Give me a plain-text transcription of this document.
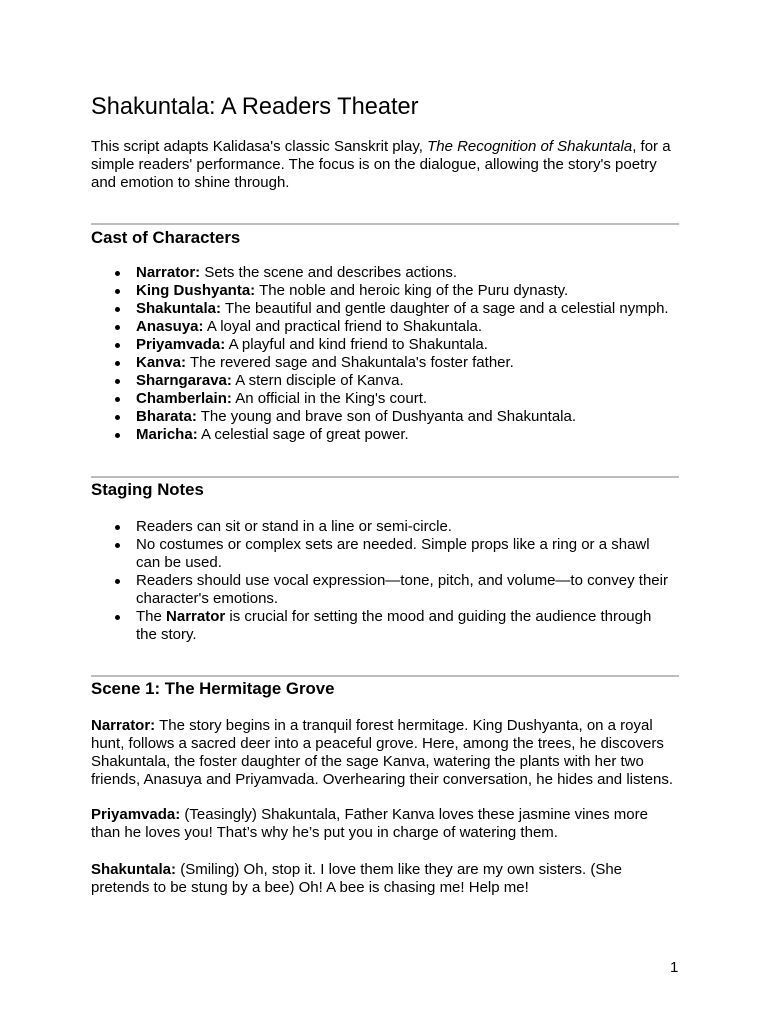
Shakuntala: A Readers Theater

This script adapts Kalidasa's classic Sanskrit play, The Recognition of Shakuntala, for a simple readers' performance. The focus is on the dialogue, allowing the story's poetry and emotion to shine through.

Cast of Characters
Narrator: Sets the scene and describes actions.
King Dushyanta: The noble and heroic king of the Puru dynasty.
Shakuntala: The beautiful and gentle daughter of a sage and a celestial nymph.
Anasuya: A loyal and practical friend to Shakuntala.
Priyamvada: A playful and kind friend to Shakuntala.
Kanva: The revered sage and Shakuntala's foster father.
Sharngarava: A stern disciple of Kanva.
Chamberlain: An official in the King's court.
Bharata: The young and brave son of Dushyanta and Shakuntala.
Maricha: A celestial sage of great power.
Staging Notes
Readers can sit or stand in a line or semi-circle.
No costumes or complex sets are needed. Simple props like a ring or a shawl can be used.
Readers should use vocal expression—tone, pitch, and volume—to convey their character's emotions.
The Narrator is crucial for setting the mood and guiding the audience through the story.
Scene 1: The Hermitage Grove

Narrator: The story begins in a tranquil forest hermitage. King Dushyanta, on a royal hunt, follows a sacred deer into a peaceful grove. Here, among the trees, he discovers Shakuntala, the foster daughter of the sage Kanva, watering the plants with her two friends, Anasuya and Priyamvada. Overhearing their conversation, he hides and listens.

Priyamvada: (Teasingly) Shakuntala, Father Kanva loves these jasmine vines more than he loves you! That’s why he’s put you in charge of watering them.

Shakuntala: (Smiling) Oh, stop it. I love them like they are my own sisters. (She pretends to be stung by a bee) Oh! A bee is chasing me! Help me!

1
